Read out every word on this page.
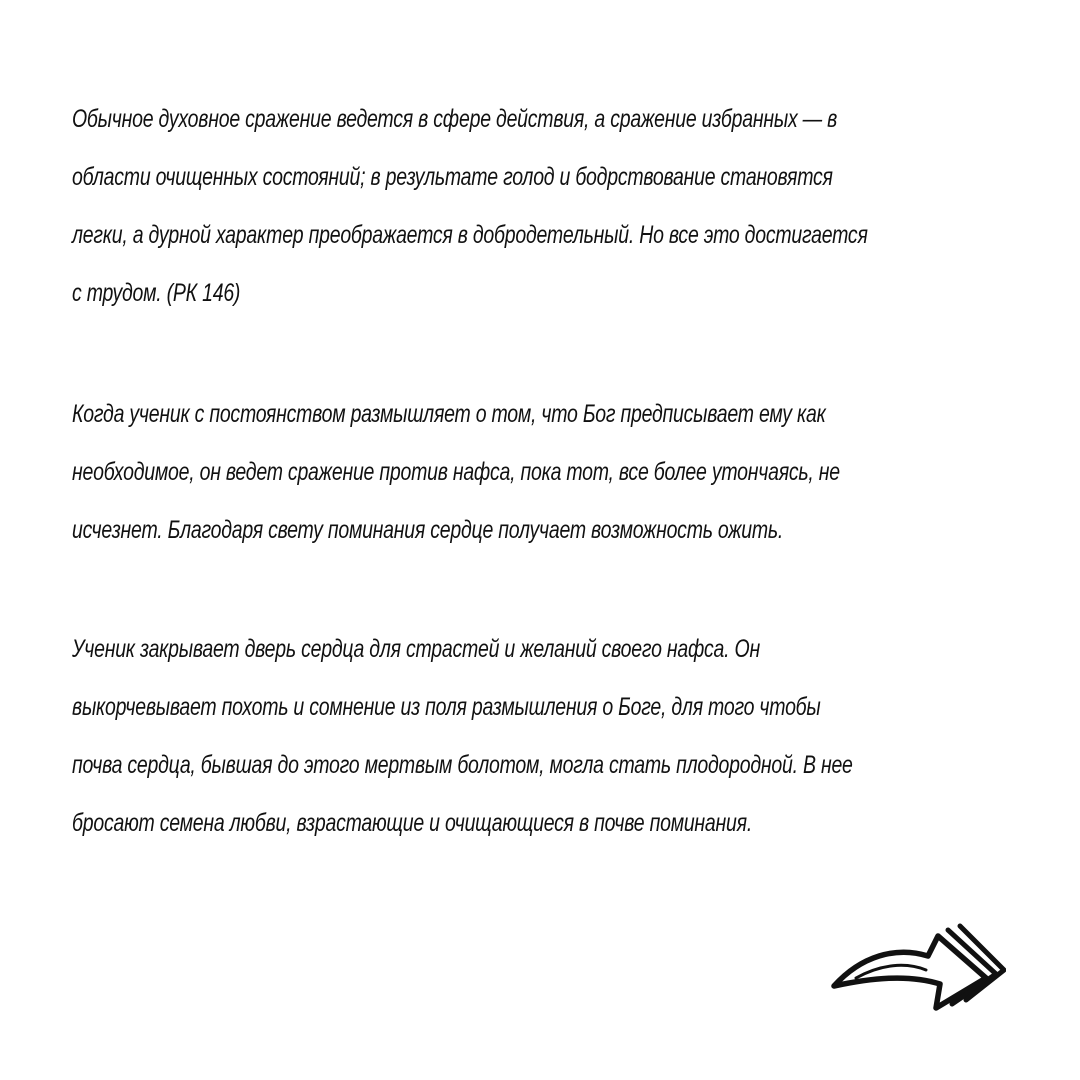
Обычное духовное сражение ведется в сфере действия, а сражение избранных — в
области очищенных состояний; в результате голод и бодрствование становятся
легки, а дурной характер преображается в добродетельный. Но все это достигается
с трудом. (РК 146)
Когда ученик с постоянством размышляет о том, что Бог предписывает ему как
необходимое, он ведет сражение против нафса, пока тот, все более утончаясь, не
исчезнет. Благодаря свету поминания сердце получает возможность ожить.
Ученик закрывает дверь сердца для страстей и желаний своего нафса. Он
выкорчевывает похоть и сомнение из поля размышления о Боге, для того чтобы
почва сердца, бывшая до этого мертвым болотом, могла стать плодородной. В нее
бросают семена любви, взрастающие и очищающиеся в почве поминания.
